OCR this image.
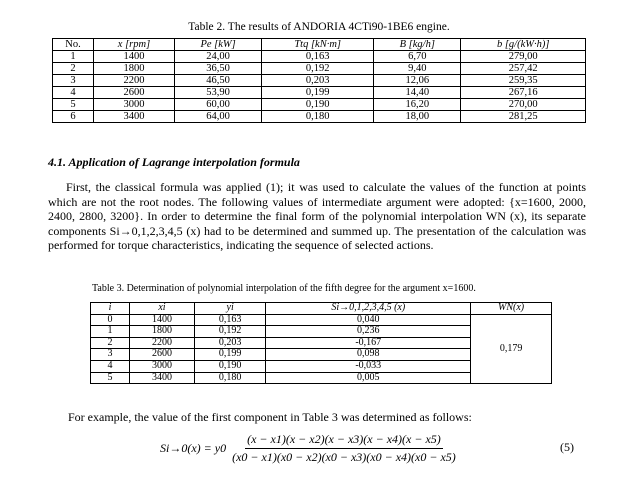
Table 2. The results of ANDORIA 4CTi90-1BE6 engine.
No.	x [rpm]	Pe [kW]	Ttq [kN·m]	B [kg/h]	b [g/(kW·h)]
1	1400	24,00	0,163	6,70	279,00
2	1800	36,50	0,192	9,40	257,42
3	2200	46,50	0,203	12,06	259,35
4	2600	53,90	0,199	14,40	267,16
5	3000	60,00	0,190	16,20	270,00
6	3400	64,00	0,180	18,00	281,25
4.1. Application of Lagrange interpolation formula
First, the classical formula was applied (1); it was used to calculate the values of the function at points which are not the root nodes. The following values of intermediate argument were adopted: {x=1600, 2000, 2400, 2800, 3200}. In order to determine the final form of the polynomial interpolation WN (x), its separate components Si→0,1,2,3,4,5 (x) had to be determined and summed up. The presentation of the calculation was performed for torque characteristics, indicating the sequence of selected actions.
Table 3. Determination of polynomial interpolation of the fifth degree for the argument x=1600.
i	xi	yi	Si→0,1,2,3,4,5 (x)	WN(x)
0	1400	0,163	0,040	0,179
1	1800	0,192	0,236	
2	2200	0,203	-0,167	
3	2600	0,199	0,098	
4	3000	0,190	-0,033	
5	3400	0,180	0,005	
For example, the value of the first component in Table 3 was determined as follows:
$Si\to 0(x) = y0 \frac{(x - x1)(x - x2)(x - x3)(x - x4)(x - x5)}{(x0 - x1)(x0 - x2)(x0 - x3)(x0 - x4)(x0 - x5)}$	(5)
